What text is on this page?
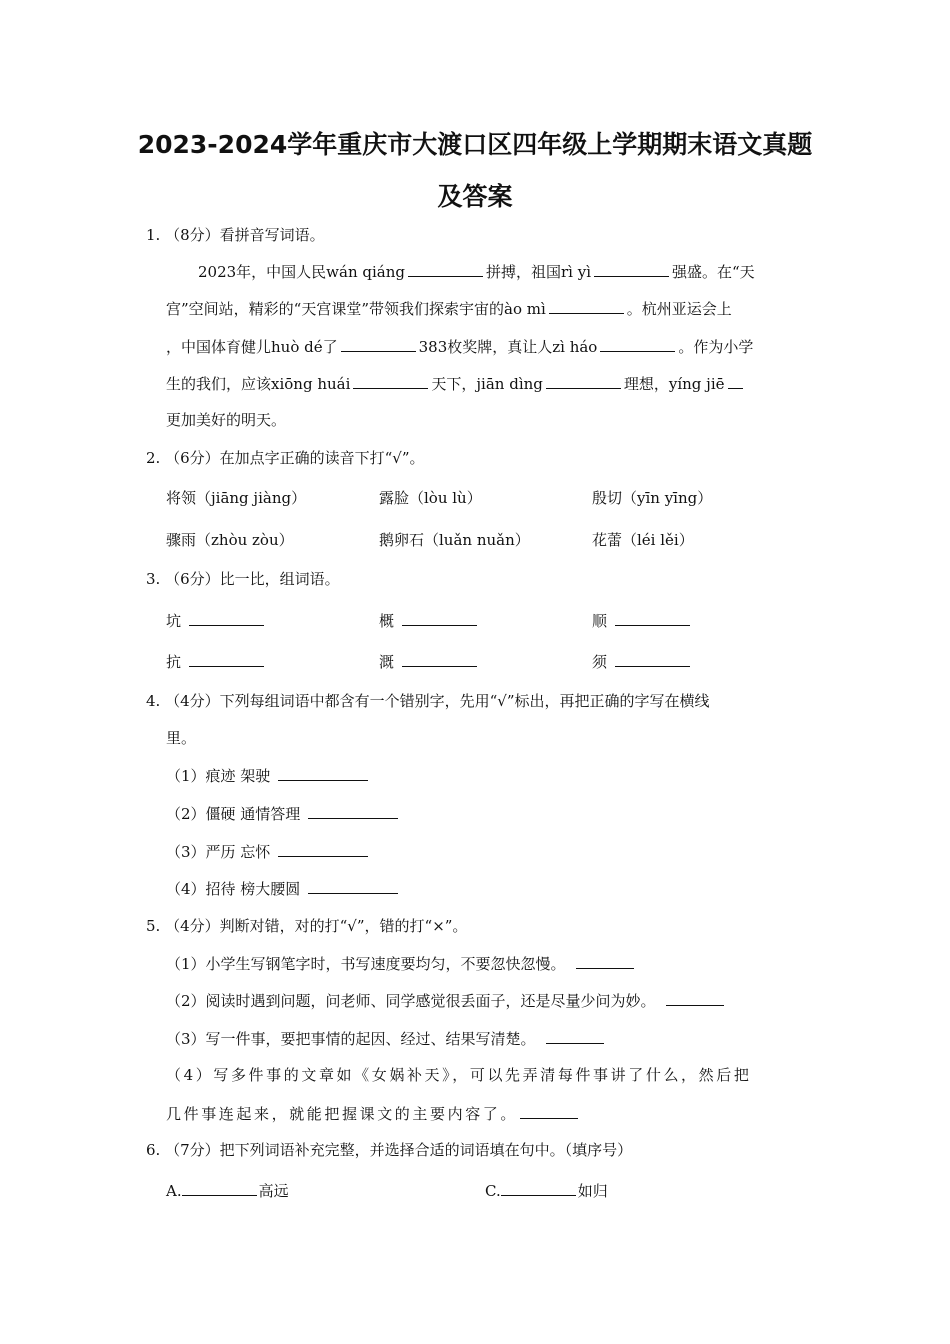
2023-2024学年重庆市大渡口区四年级上学期期末语文真题
及答案
1. （8分）看拼音写词语。
2023年，中国人民wán qiáng	拼搏，祖国rì yì	强盛。在“天
宫”空间站，精彩的“天宫课堂”带领我们探索宇宙的ào mì	。杭州亚运会上
，中国体育健儿huò dé了	383枚奖牌，真让人zì háo	。作为小学
生的我们，应该xiōng huái	天下，jiān dìng	理想，yíng jiē
更加美好的明天。
2. （6分）在加点字正确的读音下打“√”。
将领（jiāng jiàng）	露脸（lòu lù）	殷切（yīn yīng）
骤雨（zhòu zòu）	鹅卵石（luǎn nuǎn）	花蕾（léi lěi）
3. （6分）比一比，组词语。
坑	概	顺
抗	溉	须
4. （4分）下列每组词语中都含有一个错别字，先用“√”标出，再把正确的字写在横线
里。
（1）痕迹 架驶
（2）僵硬 通情答理
（3）严历 忘怀
（4）招待 榜大腰圆
5. （4分）判断对错，对的打“√”，错的打“×”。
（1）小学生写钢笔字时，书写速度要均匀，不要忽快忽慢。
（2）阅读时遇到问题，问老师、同学感觉很丢面子，还是尽量少问为妙。
（3）写一件事，要把事情的起因、经过、结果写清楚。
（4）写多件事的文章如《女娲补天》，可以先弄清每件事讲了什么，然后把
几件事连起来，就能把握课文的主要内容了。
6. （7分）把下列词语补充完整，并选择合适的词语填在句中。（填序号）
A.	高远	C.	如归
